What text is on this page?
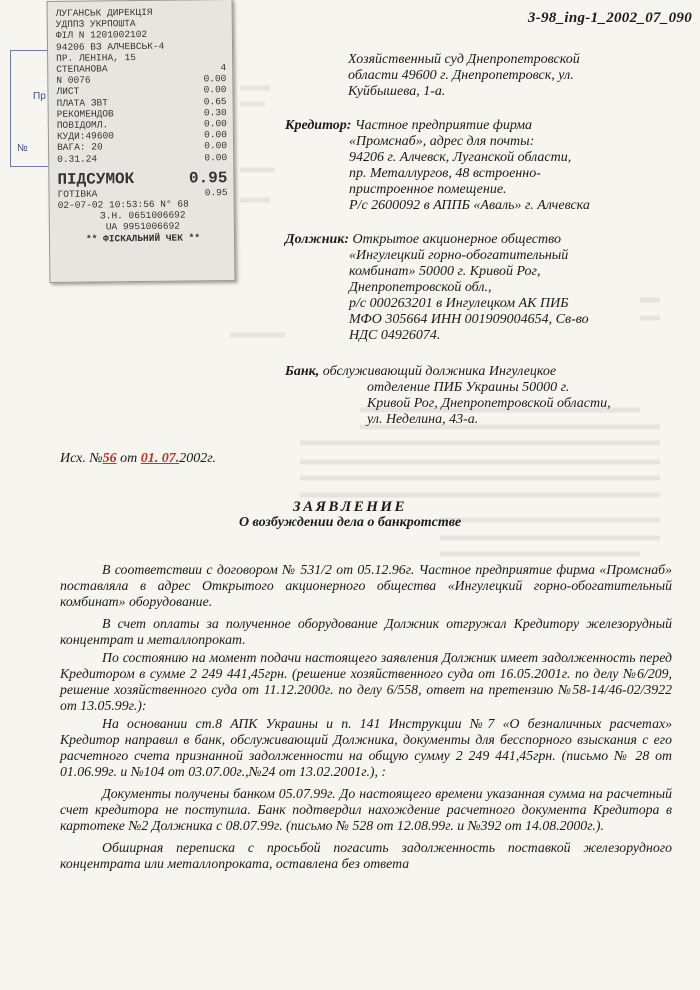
3-98_ing-1_2002_07_090
Пр
№
ЛУГАНСЬК ДИРЕКЦIЯ
УДППЗ УКРПОШТА
ФIЛ N 1201002102
94206 ВЗ АЛЧЕВСЬК-4
ПР. ЛЕНIНА, 15
СТЕПАНОВА	4
N 0076	0.00
ЛИСТ	0.00
ПЛАТА ЗВТ	0.65
РЕКОМЕНДОВ	0.30
ПОВIДОМЛ.	0.00
КУДИ:49600	0.00
ВАГА: 20	0.00
0.31.24	0.00
ПIДСУМОК	0.95
ГОТIВКА	0.95
02-07-02 10:53:56 N° 68
З.Н. 0651006692
UA 9951006692
** ФIСКАЛЬНИЙ ЧЕК **
Хозяйственный суд Днепропетровской
области 49600 г. Днепропетровск, ул.
Куйбышева, 1-а.
Кредитор: Частное предприятие фирма
«Промснаб», адрес для почты:
94206 г. Алчевск, Луганской области,
пр. Металлургов, 48 встроенно-
пристроенное помещение.
Р/с 2600092 в АППБ «Аваль» г. Алчевска
Должник: Открытое акционерное общество
«Ингулецкий горно-обогатительный
комбинат» 50000 г. Кривой Рог,
Днепропетровской обл.,
р/с 000263201 в Ингулецком АК ПИБ
МФО 305664 ИНН 001909004654, Св-во
НДС 04926074.
Банк, обслуживающий должника Ингулецкое
отделение ПИБ Украины 50000 г.
Кривой Рог, Днепропетровской области,
ул. Неделина, 43-а.
Исх. №56 от 01. 07.2002г.
ЗАЯВЛЕНИЕ
О возбуждении дела о банкротстве

В соответствии с договором № 531/2 от 05.12.96г. Частное предприятие фирма «Промснаб» поставляла в адрес Открытого акционерного общества «Ингулецкий горно-обогатительный комбинат» оборудование.

В счет оплаты за полученное оборудование Должник отгружал Кредитору железорудный концентрат и металлопрокат.

По состоянию на момент подачи настоящего заявления Должник имеет задолженность перед Кредитором в сумме 2 249 441,45грн. (решение хозяйственного суда от 16.05.2001г. по делу №6/209, решение хозяйственного суда от 11.12.2000г. по делу 6/558, ответ на претензию №58-14/46-02/3922 от 13.05.99г.):

На основании ст.8 АПК Украины и п. 141 Инструкции №7 «О безналичных расчетах» Кредитор направил в банк, обслуживающий Должника, документы для бесспорного взыскания с его расчетного счета признанной задолженности на общую сумму 2 249 441,45грн. (письмо № 28 от 01.06.99г. и №104 от 03.07.00г.,№24 от 13.02.2001г.), :

Документы получены банком 05.07.99г. До настоящего времени указанная сумма на расчетный счет кредитора не поступила. Банк подтвердил нахождение расчетного документа Кредитора в картотеке №2 Должника с 08.07.99г. (письмо № 528 от 12.08.99г. и №392 от 14.08.2000г.).

Обширная переписка с просьбой погасить задолженность поставкой железорудного концентрата или металлопроката, оставлена без ответа
